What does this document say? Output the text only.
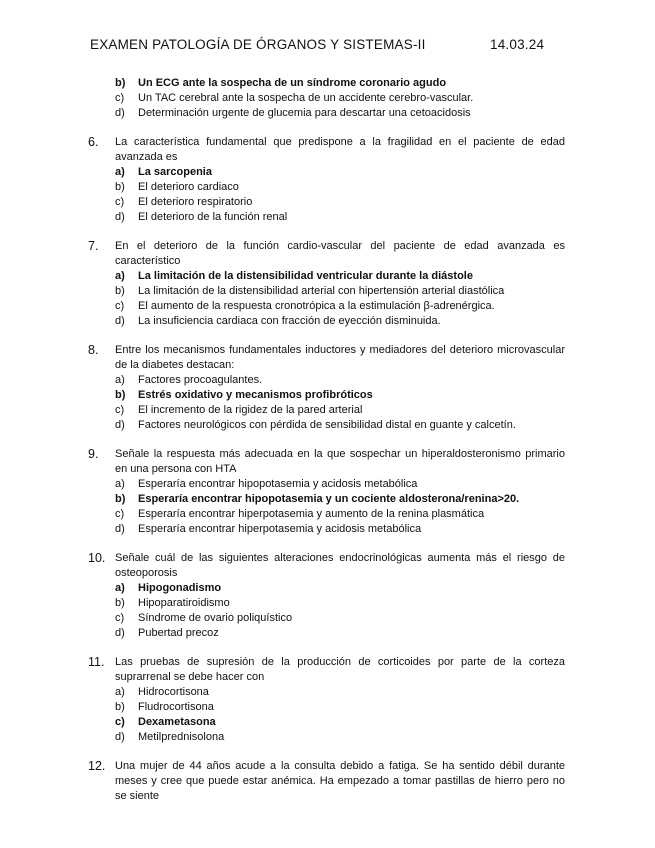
EXAMEN PATOLOGÍA DE ÓRGANOS Y SISTEMAS-II	14.03.24
b)	Un ECG ante la sospecha de un síndrome coronario agudo
c)	Un TAC cerebral ante la sospecha de un accidente cerebro-vascular.
d)	Determinación urgente de glucemia para descartar una cetoacidosis
6.	La característica fundamental que predispone a la fragilidad en el paciente de edad avanzada es
a)	La sarcopenia
b)	El deterioro cardiaco
c)	El deterioro respiratorio
d)	El deterioro de la función renal
7.	En el deterioro de la función cardio-vascular del paciente de edad avanzada es característico
a)	La limitación de la distensibilidad ventricular durante la diástole
b)	La limitación de la distensibilidad arterial con hipertensión arterial diastólica
c)	El aumento de la respuesta cronotrópica a la estimulación β-adrenérgica.
d)	La insuficiencia cardiaca con fracción de eyección disminuida.
8.	Entre los mecanismos fundamentales inductores y mediadores del deterioro microvascular de la diabetes destacan:
a)	Factores procoagulantes.
b)	Estrés oxidativo y mecanismos profibróticos
c)	El incremento de la rigidez de la pared arterial
d)	Factores neurológicos con pérdida de sensibilidad distal en guante y calcetín.
9.	Señale la respuesta más adecuada en la que sospechar un hiperaldosteronismo primario en una persona con HTA
a)	Esperaría encontrar hipopotasemia y acidosis metabólica
b)	Esperaría encontrar hipopotasemia y un cociente aldosterona/renina>20.
c)	Esperaría encontrar hiperpotasemia y aumento de la renina plasmática
d)	Esperaría encontrar hiperpotasemia y acidosis metabólica
10. Señale cuál de las siguientes alteraciones endocrinológicas aumenta más el riesgo de osteoporosis
a)	Hipogonadismo
b)	Hipoparatiroidismo
c)	Síndrome de ovario poliquístico
d)	Pubertad precoz
11. Las pruebas de supresión de la producción de corticoides por parte de la corteza suprarrenal se debe hacer con
a)	Hidrocortisona
b)	Fludrocortisona
c)	Dexametasona
d)	Metilprednisolona
12. Una mujer de 44 años acude a la consulta debido a fatiga. Se ha sentido débil durante meses y cree que puede estar anémica. Ha empezado a tomar pastillas de hierro pero no se siente
